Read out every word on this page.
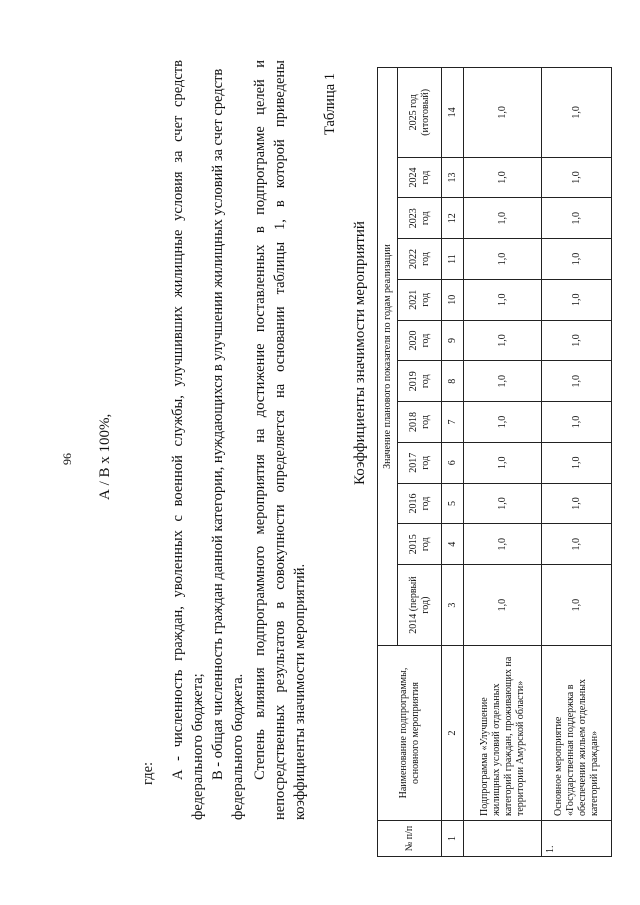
96 А / В х 100%,
где: А
-
численность
граждан,
уволенных
с
военной
службы,
улучшивших
жилищные
условия
за
счет
средств
федерального бюджета; В - общая численность граждан данной категории, нуждающихся в улучшении жилищных условий за счет средств федерального бюджета. Степень
влияния
подпрограммного
мероприятия
на
достижение
поставленных
в
подпрограмме
целей
и
непосредственных
результатов
в
совокупности
определяется
на
основании
таблицы
1,
в
которой
приведены
коэффициенты значимости мероприятий.
Таблица 1
Коэффициенты значимости мероприятий
№ п/п	Наименование подпрограммы, основного мероприятия	Значение планового показателя по годам реализации											
		2014 (первый год)	2015 год	2016 год	2017 год	2018 год	2019 год	2020 год	2021 год	2022 год	2023 год	2024 год	2025 год (итоговый)
1	2	3	4	5	6	7	8	9	10	11	12	13	14
	Подпрограмма «Улучшение жилищных условий отдельных категорий граждан, проживающих на территории Амурской области»	1,0	1,0	1,0	1,0	1,0	1,0	1,0	1,0	1,0	1,0	1,0	1,0
1.	Основное мероприятие «Государственная поддержка в обеспечении жильем отдельных категорий граждан»	1,0	1,0	1,0	1,0	1,0	1,0	1,0	1,0	1,0	1,0	1,0	1,0
